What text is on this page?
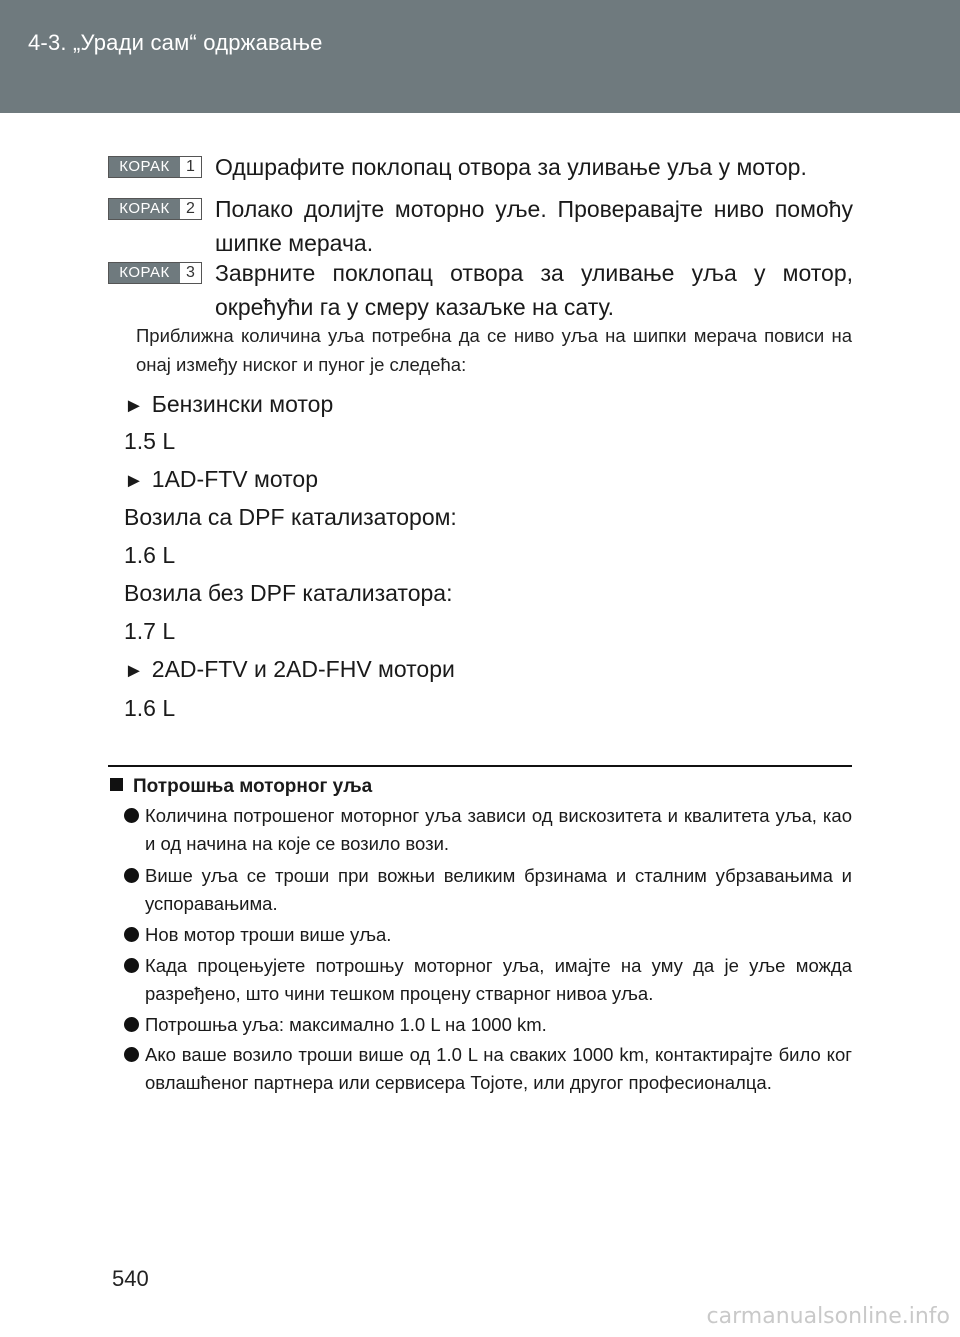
4-3. „Уради сам“ одржавање
КОРАК	1 Одшрафите поклопац отвора за уливање уља у мотор.
КОРАК	2 Полако долијте моторно уље. Проверавајте ниво помоћу шипке мерача.
КОРАК	3 Заврните поклопац отвора за уливање уља у мотор, окрећући га у смеру казаљке на сату.
Приближна количина уља потребна да се ниво уља на шипки мерача повиси на онај између ниског и пуног је следећа:
► Бензински мотор
1.5 L
► 1AD-FTV мотор
Возила са DPF катализатором:
1.6 L
Возила без DPF катализатора:
1.7 L
► 2AD-FTV и 2AD-FHV мотори
1.6 L
Потрошња моторног уља
Количина потрошеног моторног уља зависи од вискозитета и квалитета уља, као и од начина на које се возило вози.
Више уља се троши при вожњи великим брзинама и сталним убрзавањима и успоравањима.
Нов мотор троши више уља.
Када процењујете потрошњу моторног уља, имајте на уму да је уље можда разређено, што чини тешком процену стварног нивоа уља.
Потрошња уља: максимално 1.0 L на 1000 km.
Ако ваше возило троши више од 1.0 L на сваких 1000 km, контактирајте било ког овлашћеног партнера или сервисера Тојоте, или другог професионалца.
540
carmanualsonline.info
